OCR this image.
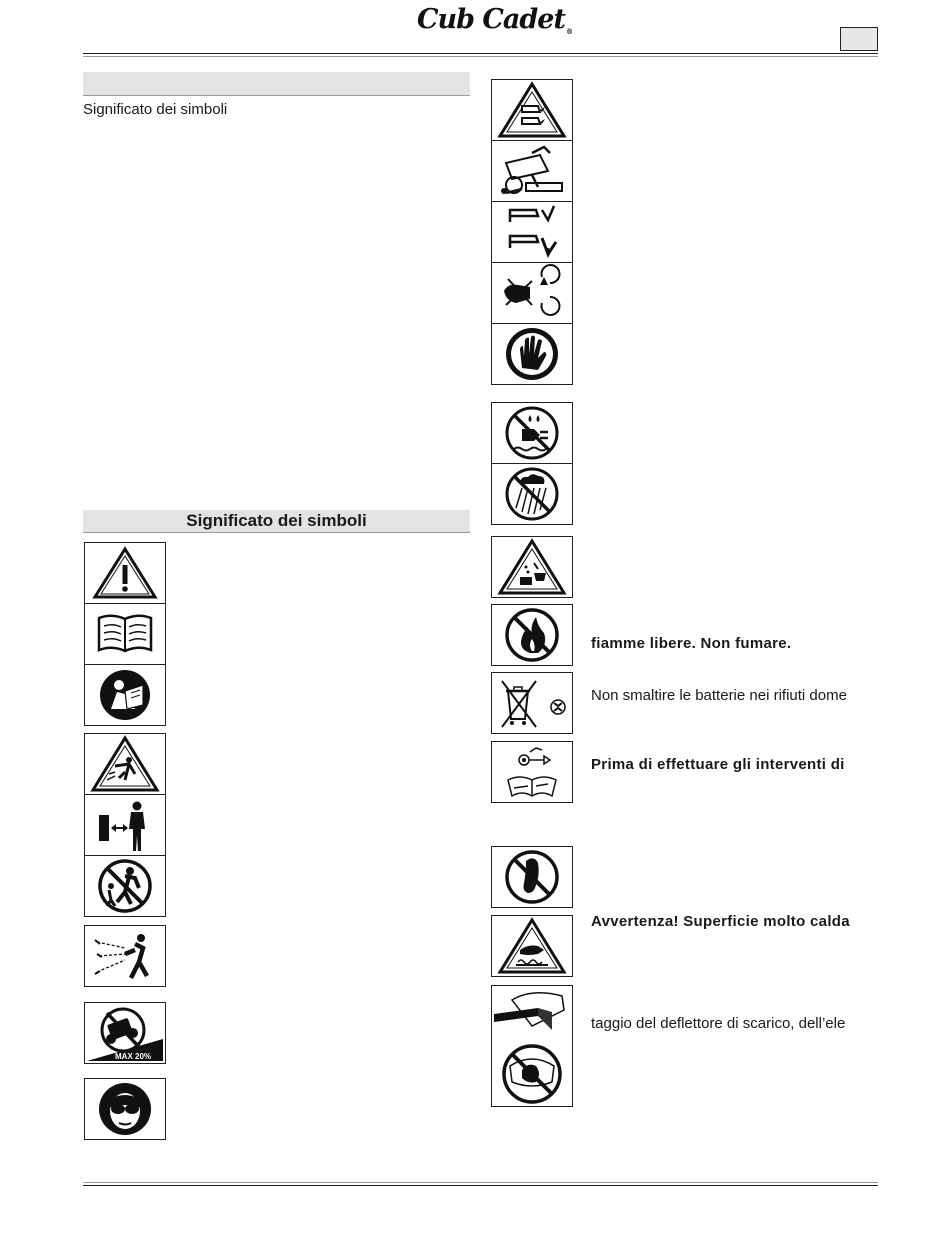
Cub Cadet®
Significato dei simboli
Significato dei simboli
MAX 20%
fiamme libere. Non fumare.
Non smaltire le batterie nei rifiuti dome
Prima di effettuare gli interventi di
Avvertenza! Superficie molto calda
taggio del deflettore di scarico, dell’ele
